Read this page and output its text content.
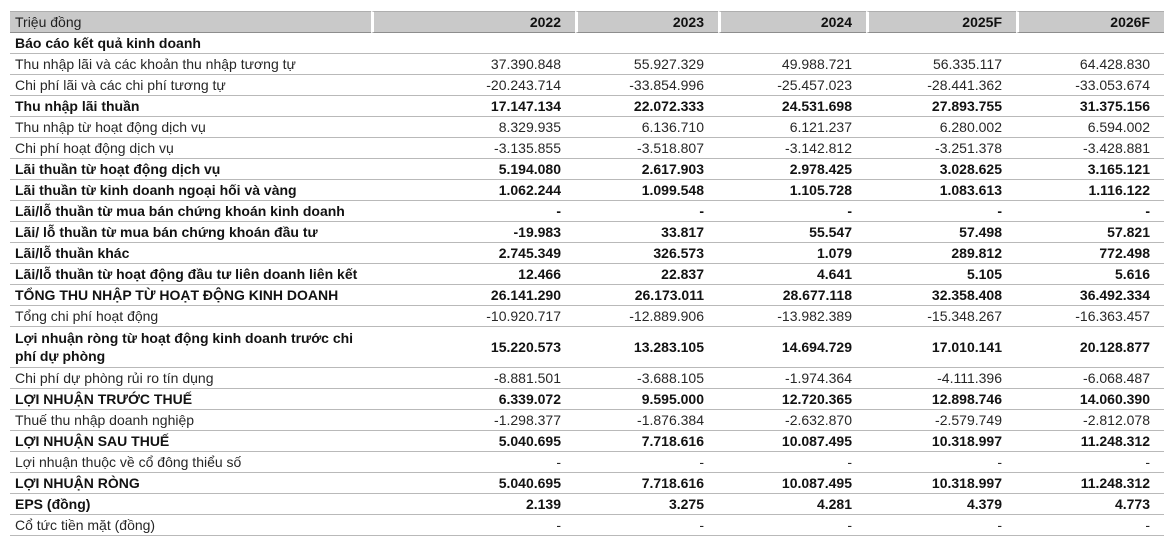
Triệu đồng	2022	2023	2024	2025F	2026F
Báo cáo kết quả kinh doanh					
Thu nhập lãi và các khoản thu nhập tương tự	37.390.848	55.927.329	49.988.721	56.335.117	64.428.830
Chi phí lãi và các chi phí tương tự	-20.243.714	-33.854.996	-25.457.023	-28.441.362	-33.053.674
Thu nhập lãi thuần	17.147.134	22.072.333	24.531.698	27.893.755	31.375.156
Thu nhập từ hoạt động dịch vụ	8.329.935	6.136.710	6.121.237	6.280.002	6.594.002
Chi phí hoạt động dịch vụ	-3.135.855	-3.518.807	-3.142.812	-3.251.378	-3.428.881
Lãi thuần từ hoạt động dịch vụ	5.194.080	2.617.903	2.978.425	3.028.625	3.165.121
Lãi thuần từ kinh doanh ngoại hối và vàng	1.062.244	1.099.548	1.105.728	1.083.613	1.116.122
Lãi/lỗ thuần từ mua bán chứng khoán kinh doanh	-	-	-	-	-
Lãi/ lỗ thuần từ mua bán chứng khoán đầu tư	-19.983	33.817	55.547	57.498	57.821
Lãi/lỗ thuần khác	2.745.349	326.573	1.079	289.812	772.498
Lãi/lỗ thuần từ hoạt động đầu tư liên doanh liên kết	12.466	22.837	4.641	5.105	5.616
TỔNG THU NHẬP TỪ HOẠT ĐỘNG KINH DOANH	26.141.290	26.173.011	28.677.118	32.358.408	36.492.334
Tổng chi phí hoạt động	-10.920.717	-12.889.906	-13.982.389	-15.348.267	-16.363.457
Lợi nhuận ròng từ hoạt động kinh doanh trước chi phí dự phòng	15.220.573	13.283.105	14.694.729	17.010.141	20.128.877
Chi phí dự phòng rủi ro tín dụng	-8.881.501	-3.688.105	-1.974.364	-4.111.396	-6.068.487
LỢI NHUẬN TRƯỚC THUẾ	6.339.072	9.595.000	12.720.365	12.898.746	14.060.390
Thuế thu nhập doanh nghiệp	-1.298.377	-1.876.384	-2.632.870	-2.579.749	-2.812.078
LỢI NHUẬN SAU THUẾ	5.040.695	7.718.616	10.087.495	10.318.997	11.248.312
Lợi nhuận thuộc về cổ đông thiểu số	-	-	-	-	-
LỢI NHUẬN RÒNG	5.040.695	7.718.616	10.087.495	10.318.997	11.248.312
EPS (đồng)	2.139	3.275	4.281	4.379	4.773
Cổ tức tiền mặt (đồng)	-	-	-	-	-
